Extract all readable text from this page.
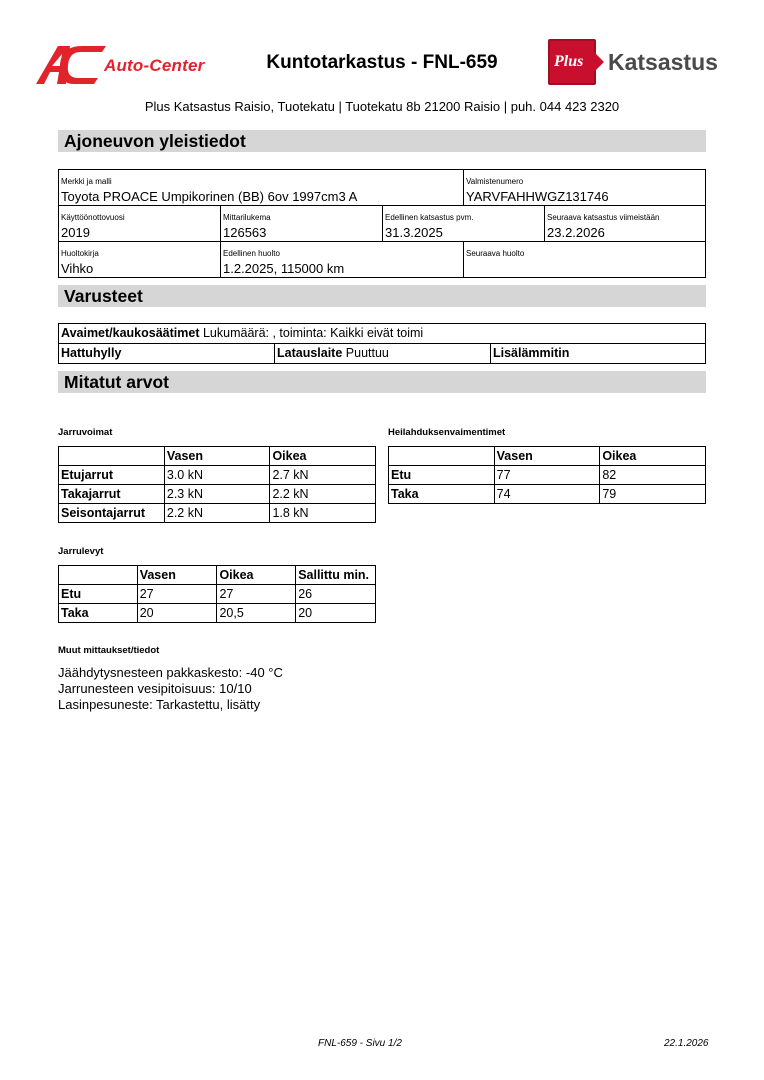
Auto-Center	Kuntotarkastus - FNL-659	Plus Katsastus
Plus Katsastus Raisio, Tuotekatu | Tuotekatu 8b 21200 Raisio | puh. 044 423 2320
Ajoneuvon yleistiedot
Merkki ja malli
Toyota PROACE Umpikorinen (BB) 6ov 1997cm3 A
Valmistenumero
YARVFAHHWGZ131746
Käyttöönottovuosi
2019
Mittarilukema
126563
Edellinen katsastus pvm.
31.3.2025
Seuraava katsastus viimeistään
23.2.2026
Huoltokirja
Vihko
Edellinen huolto
1.2.2025, 115000 km
Seuraava huolto
Varusteet
Avaimet/kaukosäätimet Lukumäärä: , toiminta: Kaikki eivät toimi
Hattuhylly	Latauslaite Puuttuu	Lisälämmitin
Mitatut arvot
Jarruvoimat
	Vasen	Oikea
Etujarrut	3.0 kN	2.7 kN
Takajarrut	2.3 kN	2.2 kN
Seisontajarrut	2.2 kN	1.8 kN
Heilahduksenvaimentimet
	Vasen	Oikea
Etu	77	82
Taka	74	79
Jarrulevyt
	Vasen	Oikea	Sallittu min.
Etu	27	27	26
Taka	20	20,5	20
Muut mittaukset/tiedot
Jäähdytysnesteen pakkaskesto: -40 °C
Jarrunesteen vesipitoisuus: 10/10
Lasinpesuneste: Tarkastettu, lisätty
FNL-659 - Sivu 1/2	22.1.2026
